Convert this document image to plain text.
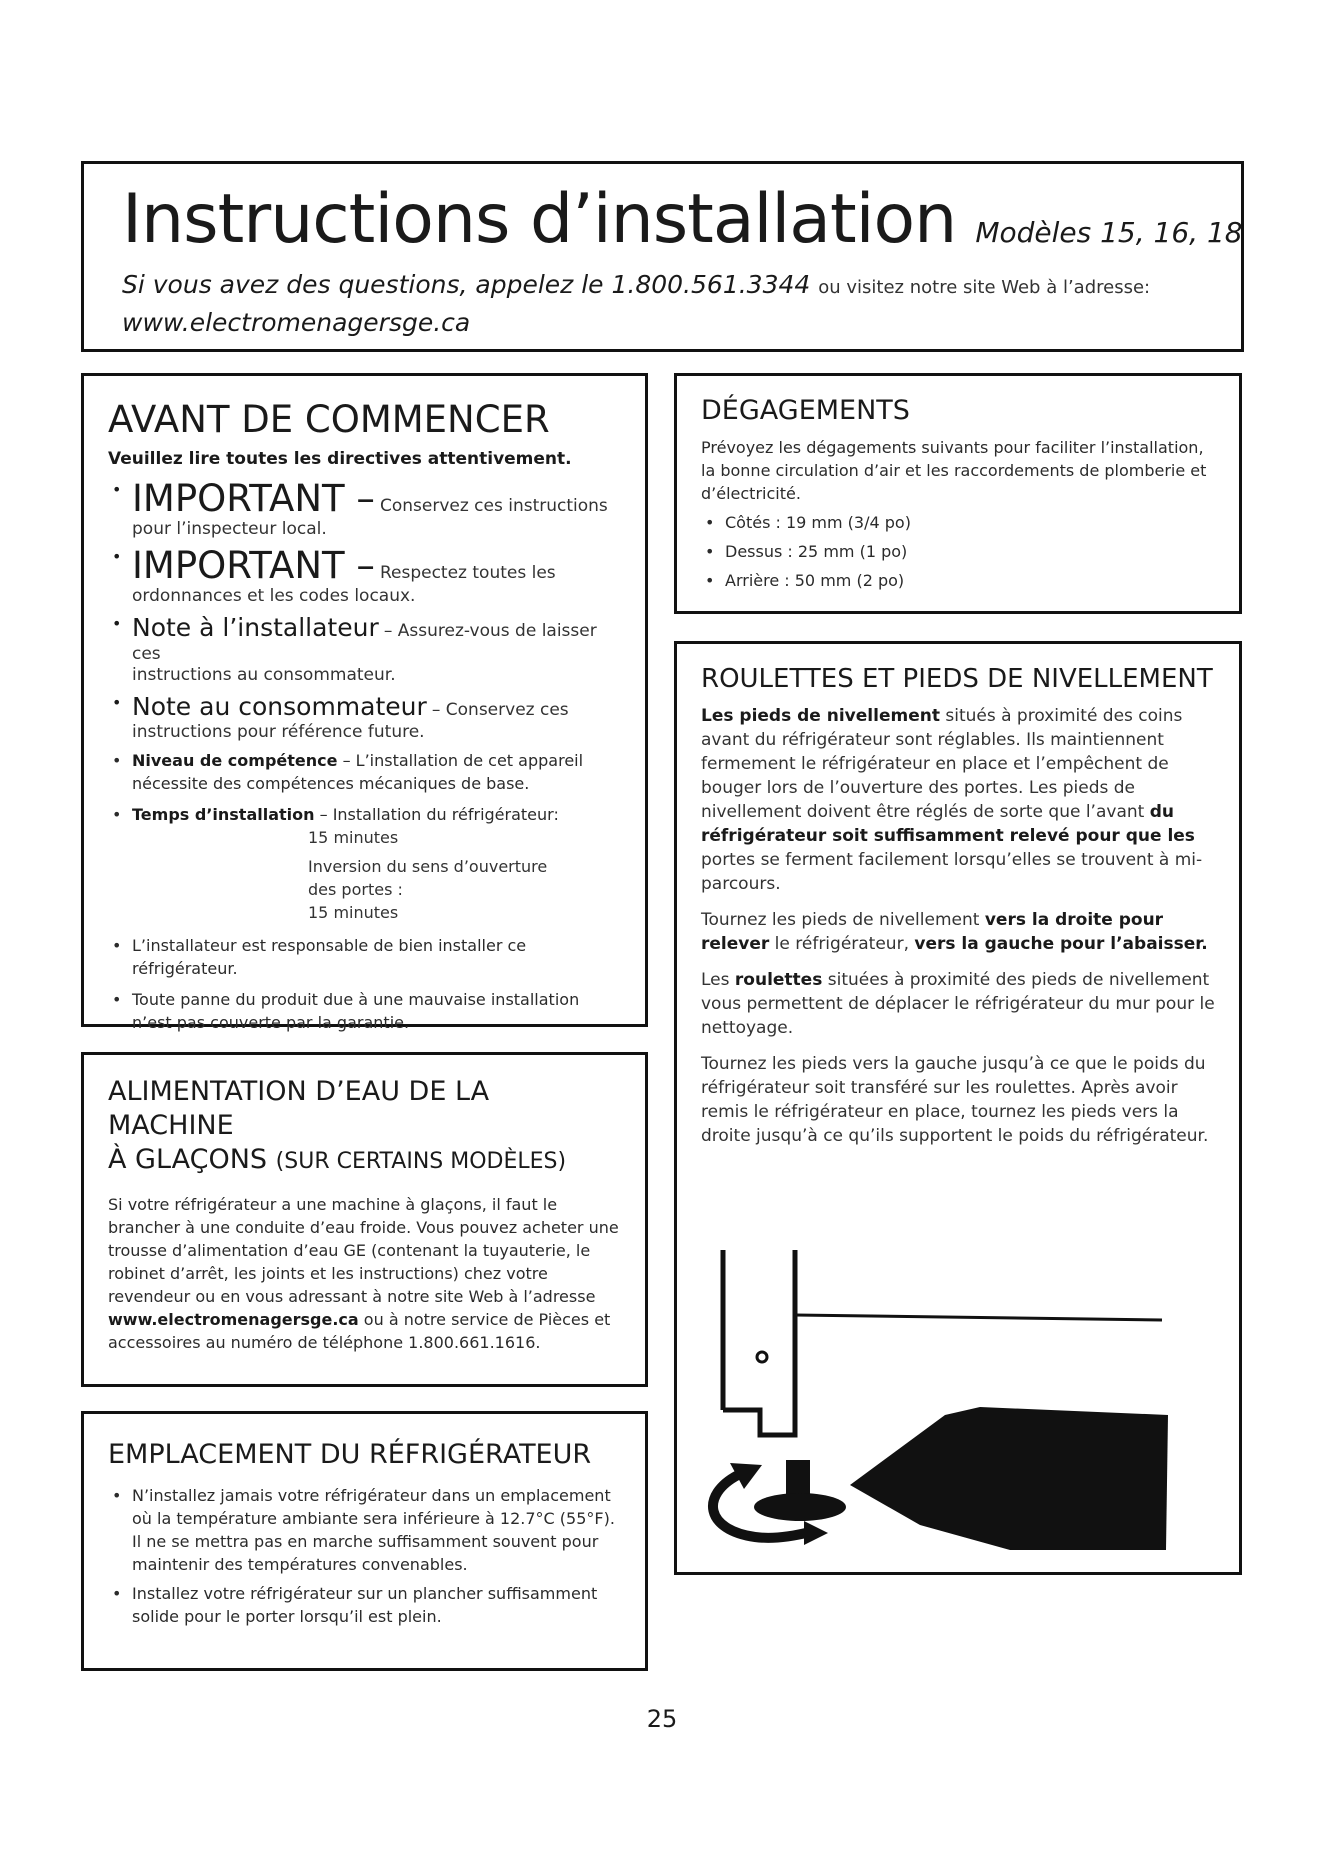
Instructions d’installation Modèles 15, 16, 18
Si vous avez des questions, appelez le 1.800.561.3344 ou visitez notre site Web à l’adresse:
www.electromenagersge.ca
AVANT DE COMMENCER

Veuillez lire toutes les directives attentivement.

• IMPORTANT – Conservez ces instructions
pour l’inspecteur local.
• IMPORTANT – Respectez toutes les
ordonnances et les codes locaux.
• Note à l’installateur – Assurez-vous de laisser ces
instructions au consommateur.
• Note au consommateur – Conservez ces
instructions pour référence future.
• Niveau de compétence – L’installation de cet appareil
nécessite des compétences mécaniques de base.
• Temps d’installation – Installation du réfrigérateur:
15 minutes
Inversion du sens d’ouverture
des portes :
15 minutes
• L’installateur est responsable de bien installer ce réfrigérateur.
• Toute panne du produit due à une mauvaise installation n’est pas couverte par la garantie.
ALIMENTATION D’EAU DE LA MACHINE
À GLAÇONS (SUR CERTAINS MODÈLES)

Si votre réfrigérateur a une machine à glaçons, il faut le brancher à une conduite d’eau froide. Vous pouvez acheter une trousse d’alimentation d’eau GE (contenant la tuyauterie, le robinet d’arrêt, les joints et les instructions) chez votre revendeur ou en vous adressant à notre site Web à l’adresse www.electromenagersge.ca ou à notre service de Pièces et accessoires au numéro de téléphone 1.800.661.1616.

EMPLACEMENT DU RÉFRIGÉRATEUR
• N’installez jamais votre réfrigérateur dans un emplacement où la température ambiante sera inférieure à 12.7°C (55°F). Il ne se mettra pas en marche suffisamment souvent pour maintenir des températures convenables.
• Installez votre réfrigérateur sur un plancher suffisamment solide pour le porter lorsqu’il est plein.
DÉGAGEMENTS

Prévoyez les dégagements suivants pour faciliter l’installation, la bonne circulation d’air et les raccordements de plomberie et d’électricité.

• Côtés : 19 mm (3/4 po)
• Dessus : 25 mm (1 po)
• Arrière : 50 mm (2 po)
ROULETTES ET PIEDS DE NIVELLEMENT

Les pieds de nivellement situés à proximité des coins avant du réfrigérateur sont réglables. Ils maintiennent fermement le réfrigérateur en place et l’empêchent de bouger lors de l’ouverture des portes. Les pieds de nivellement doivent être réglés de sorte que l’avant du réfrigérateur soit suffisamment relevé pour que les portes se ferment facilement lorsqu’elles se trouvent à mi-parcours.

Tournez les pieds de nivellement vers la droite pour relever le réfrigérateur, vers la gauche pour l’abaisser.

Les roulettes situées à proximité des pieds de nivellement vous permettent de déplacer le réfrigérateur du mur pour le nettoyage.

Tournez les pieds vers la gauche jusqu’à ce que le poids du réfrigérateur soit transféré sur les roulettes. Après avoir remis le réfrigérateur en place, tournez les pieds vers la droite jusqu’à ce qu’ils supportent le poids du réfrigérateur.

25
